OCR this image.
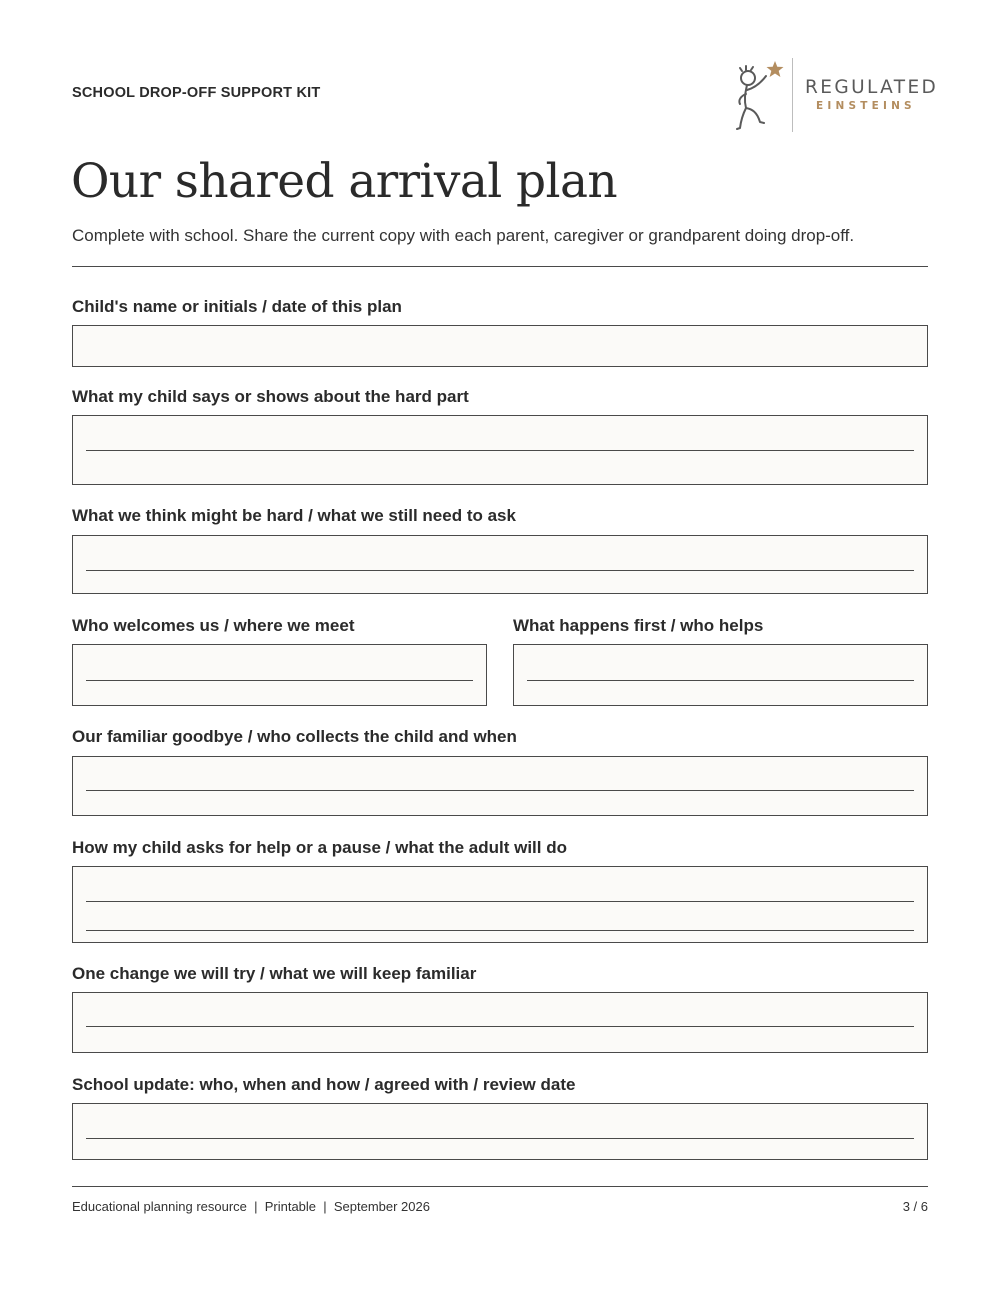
SCHOOL DROP-OFF SUPPORT KIT	REGULATED
EINSTEINS
Our shared arrival plan

Complete with school. Share the current copy with each parent, caregiver or grandparent doing drop-off.

Child's name or initials / date of this plan
What my child says or shows about the hard part
What we think might be hard / what we still need to ask
Who welcomes us / where we meet	What happens first / who helps
Our familiar goodbye / who collects the child and when
How my child asks for help or a pause / what the adult will do
One change we will try / what we will keep familiar
School update: who, when and how / agreed with / review date
Educational planning resource  |  Printable  |  September 2026	3 / 6
